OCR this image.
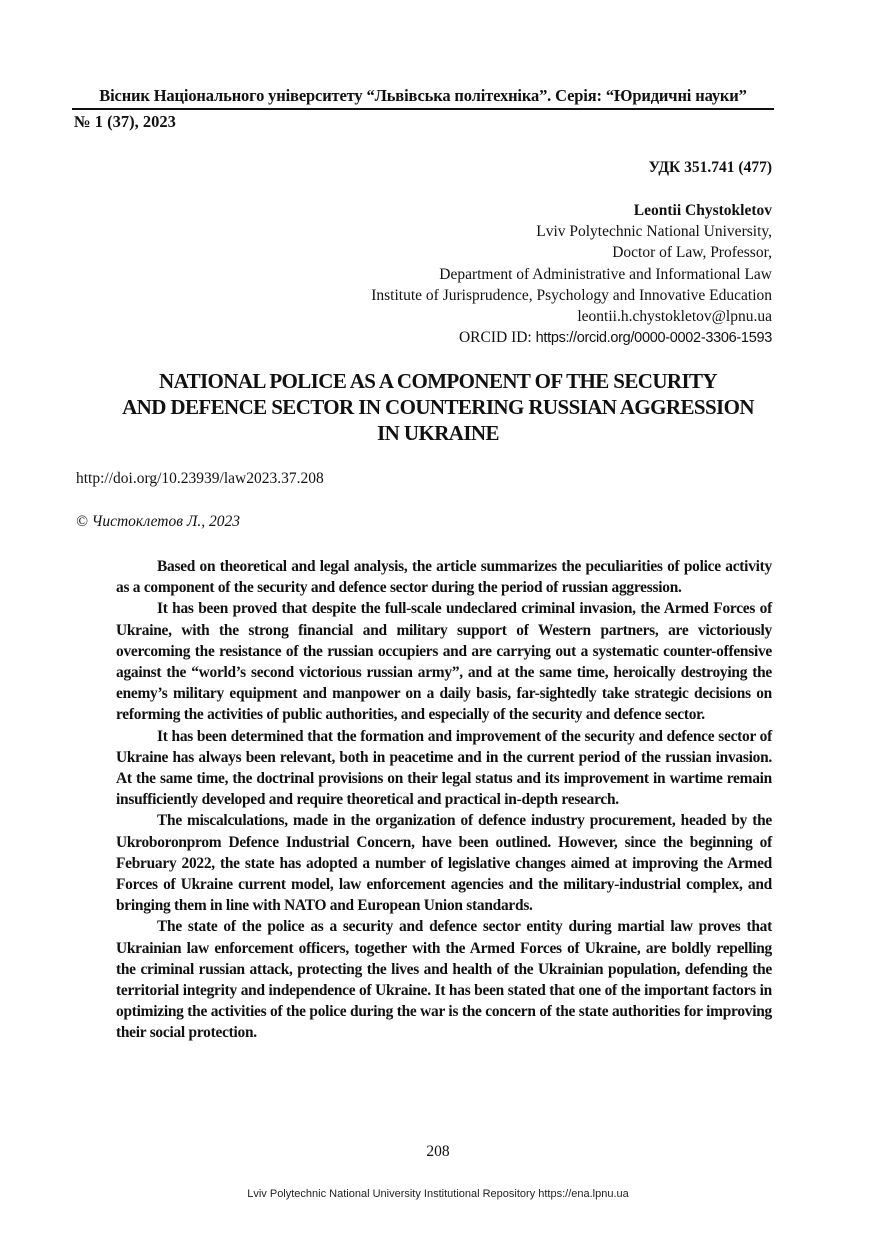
Вісник Національного університету “Львівська політехніка”. Серія: “Юридичні науки”
№ 1 (37), 2023
УДК 351.741 (477)
Leontii Chystokletov
Lviv Polytechnic National University,
Doctor of Law, Professor,
Department of Administrative and Informational Law
Institute of Jurisprudence, Psychology and Innovative Education
leontii.h.chystokletov@lpnu.ua
ORCID ID: https://orcid.org/0000-0002-3306-1593
NATIONAL POLICE AS A COMPONENT OF THE SECURITY
AND DEFENCE SECTOR IN COUNTERING RUSSIAN AGGRESSION
IN UKRAINE
http://doi.org/10.23939/law2023.37.208
© Чистоклетов Л., 2023

Based on theoretical and legal analysis, the article summarizes the peculiarities of police activity as a component of the security and defence sector during the period of russian aggression.

It has been proved that despite the full-scale undeclared criminal invasion, the Armed Forces of Ukraine, with the strong financial and military support of Western partners, are victoriously overcoming the resistance of the russian occupiers and are carrying out a systematic counter-offensive against the “world’s second victorious russian army”, and at the same time, heroically destroying the enemy’s military equipment and manpower on a daily basis, far-sightedly take strategic decisions on reforming the activities of public authorities, and especially of the security and defence sector.

It has been determined that the formation and improvement of the security and defence sector of Ukraine has always been relevant, both in peacetime and in the current period of the russian invasion. At the same time, the doctrinal provisions on their legal status and its improvement in wartime remain insufficiently developed and require theoretical and practical in-depth research.

The miscalculations, made in the organization of defence industry procurement, headed by the Ukroboronprom Defence Industrial Concern, have been outlined. However, since the beginning of February 2022, the state has adopted a number of legislative changes aimed at improving the Armed Forces of Ukraine current model, law enforcement agencies and the military-industrial complex, and bringing them in line with NATO and European Union standards.

The state of the police as a security and defence sector entity during martial law proves that Ukrainian law enforcement officers, together with the Armed Forces of Ukraine, are boldly repelling the criminal russian attack, protecting the lives and health of the Ukrainian population, defending the territorial integrity and independence of Ukraine. It has been stated that one of the important factors in optimizing the activities of the police during the war is the concern of the state authorities for improving their social protection.

208
Lviv Polytechnic National University Institutional Repository https://ena.lpnu.ua
